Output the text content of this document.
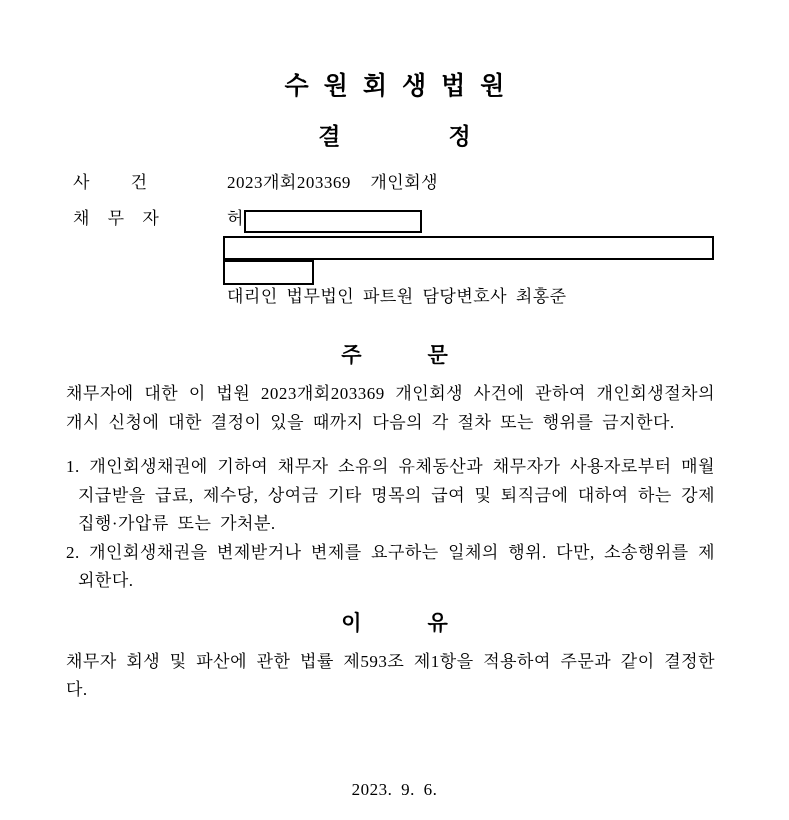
수원회생법원
결정
사 건	2023개회203369  개인회생
채 무 자	허
대리인 법무법인 파트원 담당변호사 최홍준
주문

채무자에 대한 이 법원 2023개회203369 개인회생 사건에 관하여 개인회생절차의 개시 신청에 대한 결정이 있을 때까지 다음의 각 절차 또는 행위를 금지한다.

1. 개인회생채권에 기하여 채무자 소유의 유체동산과 채무자가 사용자로부터 매월 지급받을 급료, 제수당, 상여금 기타 명목의 급여 및 퇴직금에 대하여 하는 강제집행·가압류 또는 가처분.

2. 개인회생채권을 변제받거나 변제를 요구하는 일체의 행위. 다만, 소송행위를 제외한다.

이유

채무자 회생 및 파산에 관한 법률 제593조 제1항을 적용하여 주문과 같이 결정한다.

2023. 9. 6.
